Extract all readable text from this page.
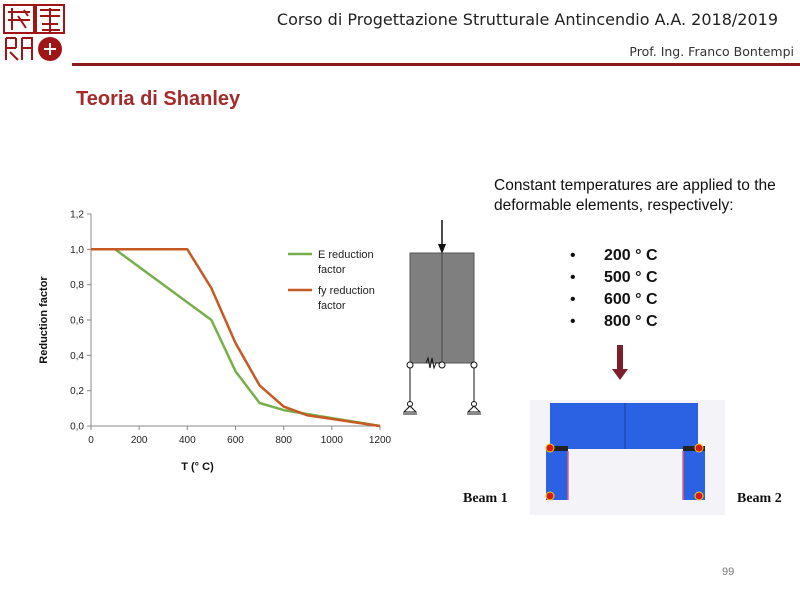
Corso di Progettazione Strutturale Antincendio A.A. 2018/2019
Prof. Ing. Franco Bontempi
Teoria di Shanley
0,0
0,2
0,4
0,6
0,8
1,0
1,2
0	200	400	600	800	1000	1200
T (° C)
Reduction factor
E reduction
factor
fy reduction
factor
Constant temperatures are applied to the deformable elements, respectively:
• 200 ° C
• 500 ° C
• 600 ° C
• 800 ° C
Beam 1	Beam 2
99
